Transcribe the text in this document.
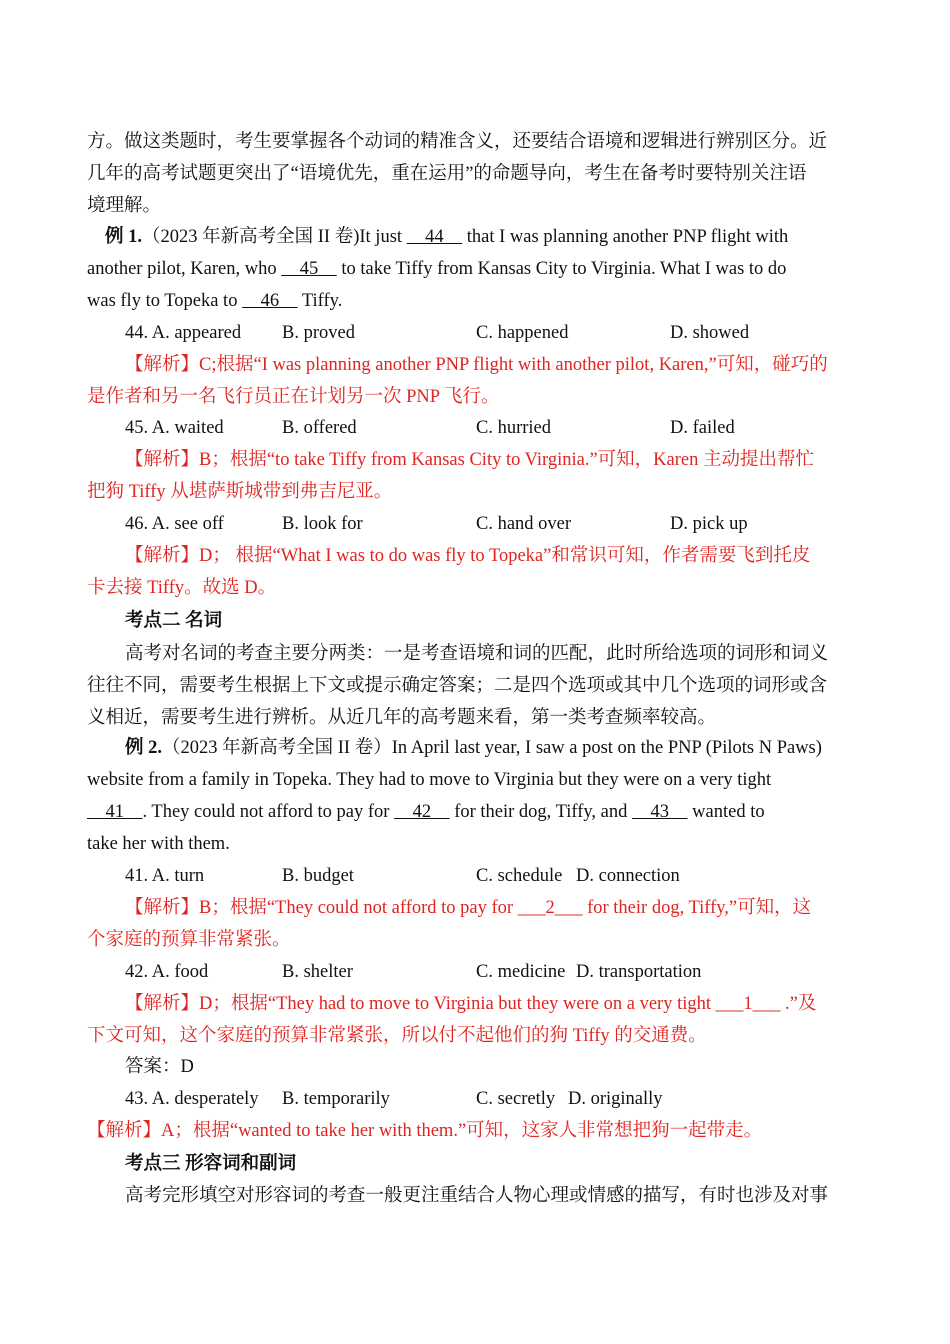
方。做这类题时，考生要掌握各个动词的精准含义，还要结合语境和逻辑进行辨别区分。近
几年的高考试题更突出了“语境优先，重在运用”的命题导向，考生在备考时要特别关注语
境理解。
例 1.（2023 年新高考全国 II 卷)It just     44     that I was planning another PNP flight with
another pilot, Karen, who     45     to take Tiffy from Kansas City to Virginia. What I was to do
was fly to Topeka to     46     Tiffy.
44. A. appeared B. proved	C. happened	D. showed
【解析】C;根据“I was planning another PNP flight with another pilot, Karen,”可知，碰巧的
是作者和另一名飞行员正在计划另一次 PNP 飞行。
45. A. waited	B. offered	C. hurried	D. failed
【解析】B；根据“to take Tiffy from Kansas City to Virginia.”可知，Karen 主动提出帮忙
把狗 Tiffy 从堪萨斯城带到弗吉尼亚。
46. A. see off	B. look for	C. hand over	D. pick up
【解析】D； 根据“What I was to do was fly to Topeka”和常识可知，作者需要飞到托皮
卡去接 Tiffy。故选 D。
考点二 名词
高考对名词的考查主要分两类：一是考查语境和词的匹配，此时所给选项的词形和词义
往往不同，需要考生根据上下文或提示确定答案；二是四个选项或其中几个选项的词形或含
义相近，需要考生进行辨析。从近几年的高考题来看，第一类考查频率较高。
例 2.（2023 年新高考全国 II 卷）In April last year, I saw a post on the PNP (Pilots N Paws)
website from a family in Topeka. They had to move to Virginia but they were on a very tight
41    . They could not afford to pay for     42     for their dog, Tiffy, and     43     wanted to
take her with them.
41. A. turn	B. budget	C. schedule D. connection
【解析】B；根据“They could not afford to pay for ___2___ for their dog, Tiffy,”可知，这
个家庭的预算非常紧张。
42. A. food	B. shelter	C. medicine D. transportation
【解析】D；根据“They had to move to Virginia but they were on a very tight ___1___ .”及
下文可知，这个家庭的预算非常紧张，所以付不起他们的狗 Tiffy 的交通费。
答案：D
43. A. desperately B. temporarily	C. secretly D. originally
【解析】A；根据“wanted to take her with them.”可知，这家人非常想把狗一起带走。
考点三 形容词和副词
高考完形填空对形容词的考查一般更注重结合人物心理或情感的描写，有时也涉及对事
